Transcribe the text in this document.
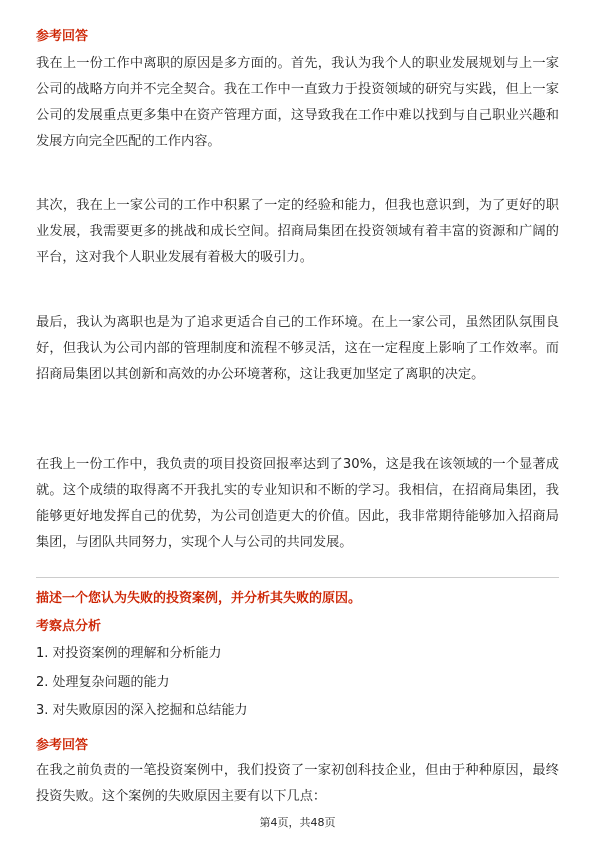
参考回答

我在上一份工作中离职的原因是多方面的。首先，我认为我个人的职业发展规划与上一家公司的战略方向并不完全契合。我在工作中一直致力于投资领域的研究与实践，但上一家公司的发展重点更多集中在资产管理方面，这导致我在工作中难以找到与自己职业兴趣和发展方向完全匹配的工作内容。

其次，我在上一家公司的工作中积累了一定的经验和能力，但我也意识到，为了更好的职业发展，我需要更多的挑战和成长空间。招商局集团在投资领域有着丰富的资源和广阔的平台，这对我个人职业发展有着极大的吸引力。

最后，我认为离职也是为了追求更适合自己的工作环境。在上一家公司，虽然团队氛围良好，但我认为公司内部的管理制度和流程不够灵活，这在一定程度上影响了工作效率。而招商局集团以其创新和高效的办公环境著称，这让我更加坚定了离职的决定。

在我上一份工作中，我负责的项目投资回报率达到了30%，这是我在该领域的一个显著成就。这个成绩的取得离不开我扎实的专业知识和不断的学习。我相信，在招商局集团，我能够更好地发挥自己的优势，为公司创造更大的价值。因此，我非常期待能够加入招商局集团，与团队共同努力，实现个人与公司的共同发展。

描述一个您认为失败的投资案例，并分析其失败的原因。
考察点分析
1. 对投资案例的理解和分析能力
2. 处理复杂问题的能力
3. 对失败原因的深入挖掘和总结能力
参考回答

在我之前负责的一笔投资案例中，我们投资了一家初创科技企业，但由于种种原因，最终投资失败。这个案例的失败原因主要有以下几点：

第4页，共48页
